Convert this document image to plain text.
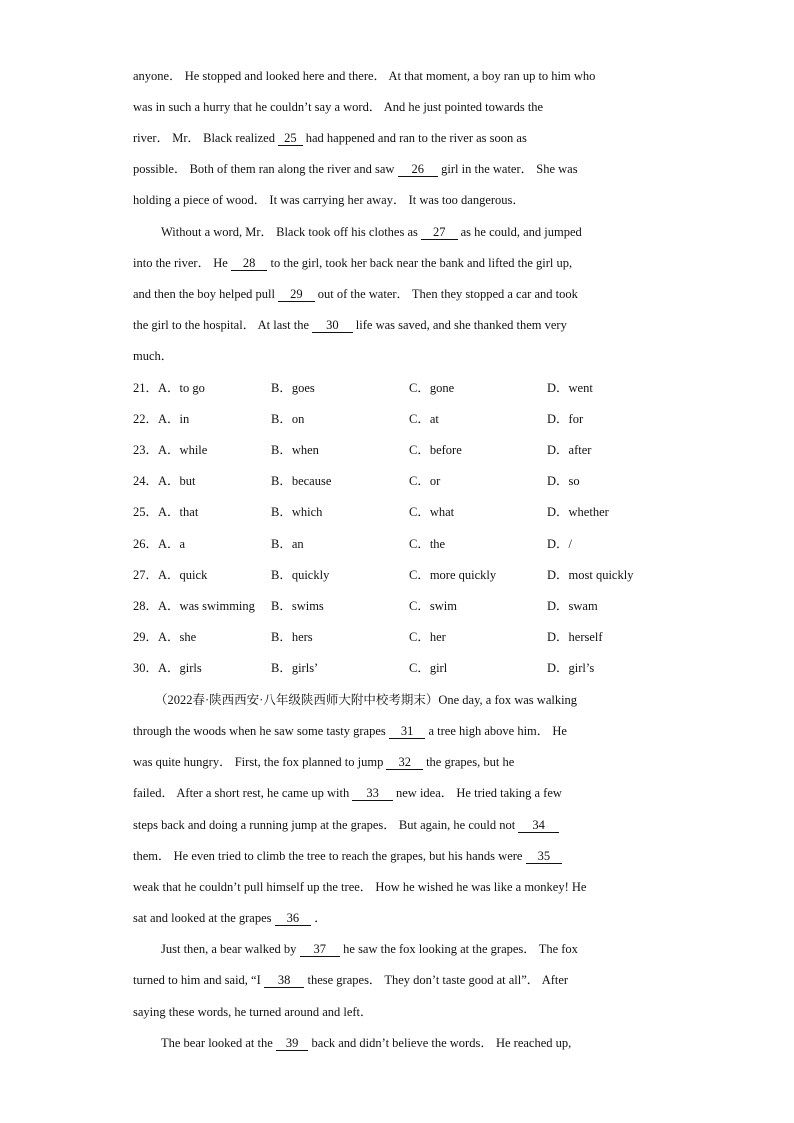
anyone． He stopped and looked here and there． At that moment, a boy ran up to him who
was in such a hurry that he couldn’t say a word． And he just pointed towards the
river． Mr． Black realized 25 had happened and ran to the river as soon as
possible． Both of them ran along the river and saw 26 girl in the water． She was
holding a piece of wood． It was carrying her away． It was too dangerous．
Without a word, Mr． Black took off his clothes as 27 as he could, and jumped
into the river． He 28 to the girl, took her back near the bank and lifted the girl up,
and then the boy helped pull 29 out of the water． Then they stopped a car and took
the girl to the hospital． At last the 30 life was saved, and she thanked them very
much．
21．A．to go	B．goes	C．gone	D．went
22．A．in	B．on	C．at	D．for
23．A．while	B．when	C．before	D．after
24．A．but	B．because	C．or	D．so
25．A．that	B．which	C．what	D．whether
26．A．a	B．an	C．the	D．/
27．A．quick	B．quickly	C．more quickly	D．most quickly
28．A．was swimming B．swims	C．swim	D．swam
29．A．she	B．hers	C．her	D．herself
30．A．girls	B．girls’	C．girl	D．girl’s
（2022春·陕西西安·八年级陕西师大附中校考期末）One day, a fox was walking
through the woods when he saw some tasty grapes 31 a tree high above him． He
was quite hungry． First, the fox planned to jump 32 the grapes, but he
failed． After a short rest, he came up with 33 new idea． He tried taking a few
steps back and doing a running jump at the grapes． But again, he could not 34
them． He even tried to climb the tree to reach the grapes, but his hands were 35
weak that he couldn’t pull himself up the tree． How he wished he was like a monkey! He
sat and looked at the grapes 36 ．
Just then, a bear walked by 37 he saw the fox looking at the grapes． The fox
turned to him and said, “I 38 these grapes． They don’t taste good at all”． After
saying these words, he turned around and left．
The bear looked at the 39 back and didn’t believe the words． He reached up,
